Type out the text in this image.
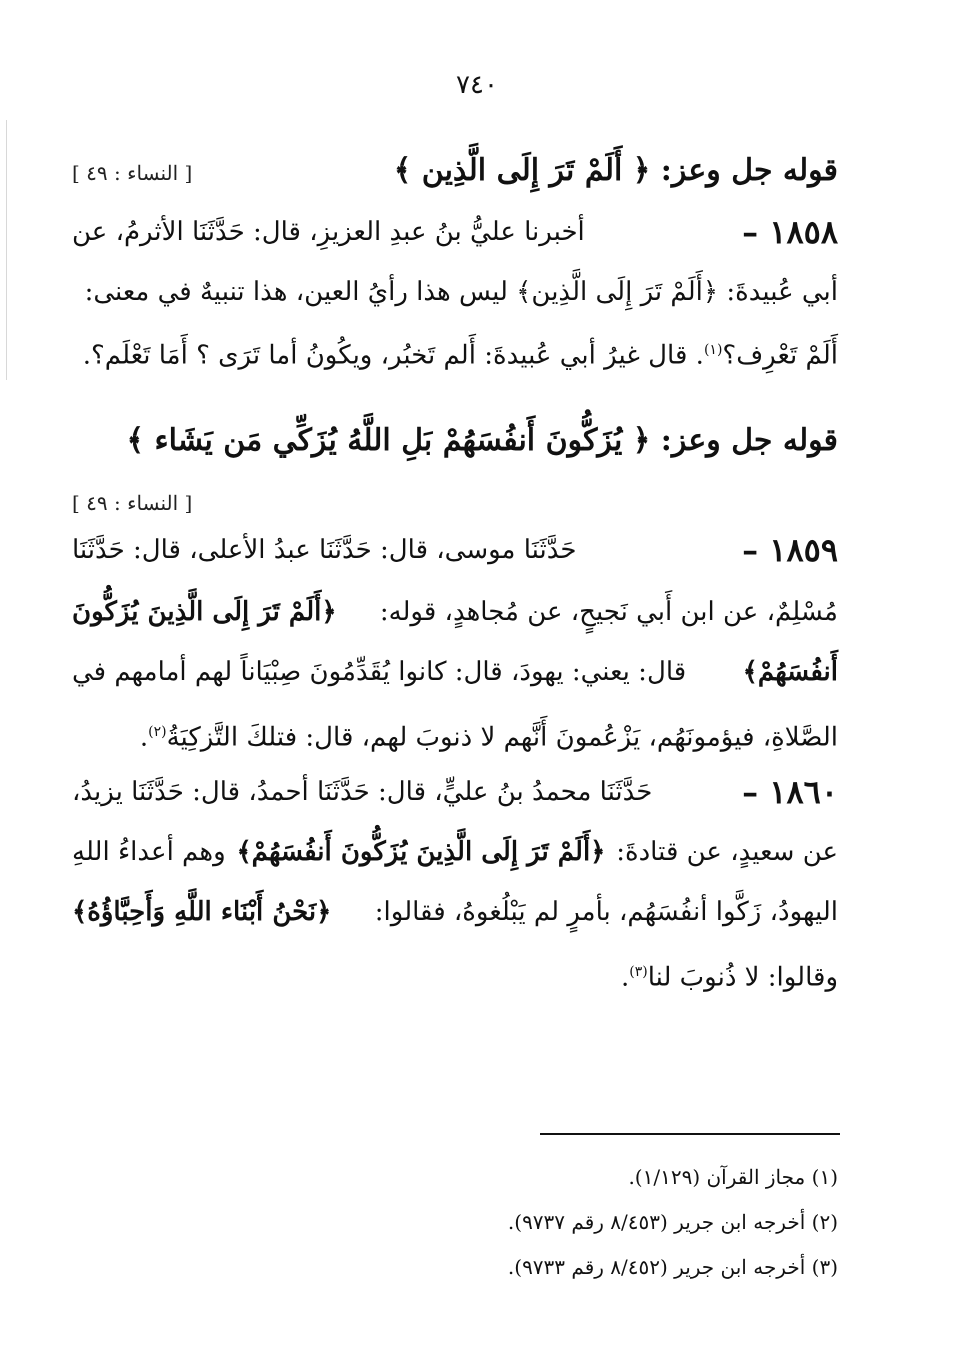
٧٤٠
قوله جل وعز: ﴿ أَلَمْ تَرَ إِلَى الَّذِين ﴾
[ النساء : ٤٩ ]
١٨٥٨ –
أخبرنا عليُّ بنُ عبدِ العزيزِ، قال: حَدَّثَنَا الأثرمُ، عن
أبي عُبيدةَ: ﴿أَلَمْ تَرَ إِلَى الَّذِين﴾ ليس هذا رأيُ العين، هذا تنبيهٌ في معنى:
أَلَمْ تَعْرِف؟$^{(١)}$. قال غيرُ أبي عُبيدةَ: أَلم تَخبُر، ويكُونُ أما تَرَى ؟ أَمَا تَعْلَم؟.
قوله جل وعز: ﴿ يُزَكُّونَ أَنفُسَهُمْ بَلِ اللَّهُ يُزَكِّي مَن يَشَاء ﴾
[ النساء : ٤٩ ]
١٨٥٩ –
حَدَّثَنَا موسى، قال: حَدَّثَنَا عبدُ الأعلى، قال: حَدَّثَنَا
مُسْلِمٌ، عن ابن أَبي نَجيحٍ، عن مُجاهدٍ، قوله:
﴿أَلَمْ تَرَ إِلَى الَّذِينَ يُزَكُّونَ
أَنفُسَهُمْ﴾
قال: يعني: يهودَ، قال: كانوا يُقَدِّمُونَ صِبْيَاناً لهم أمامهم في
الصَّلاةِ، فيؤمونَهُم، يَزْعُمونَ أَنَّهم لا ذنوبَ لهم، قال: فتلكَ التَّزكِيَةُ$^{(٢)}$.
١٨٦٠ –
حَدَّثَنَا محمدُ بنُ عليٍّ، قال: حَدَّثَنَا أحمدُ، قال: حَدَّثَنَا يزيدُ،
عن سعيدٍ، عن قتادةَ:
﴿أَلَمْ تَرَ إِلَى الَّذِينَ يُزَكُّونَ أَنفُسَهُمْ﴾
وهم أعداءُ اللهِ
اليهودُ، زَكَّوا أنفُسَهُم، بأمرٍ لم يَبْلُغوهُ، فقالوا:
﴿نَحْنُ أَبْنَاء اللَّهِ وَأَحِبَّاؤُهُ﴾
وقالوا: لا ذُنوبَ لنا$^{(٣)}$.
(١) مجاز القرآن (١/١٢٩).
(٢) أخرجه ابن جرير (٨/٤٥٣ رقم ٩٧٣٧).
(٣) أخرجه ابن جرير (٨/٤٥٢ رقم ٩٧٣٣).
